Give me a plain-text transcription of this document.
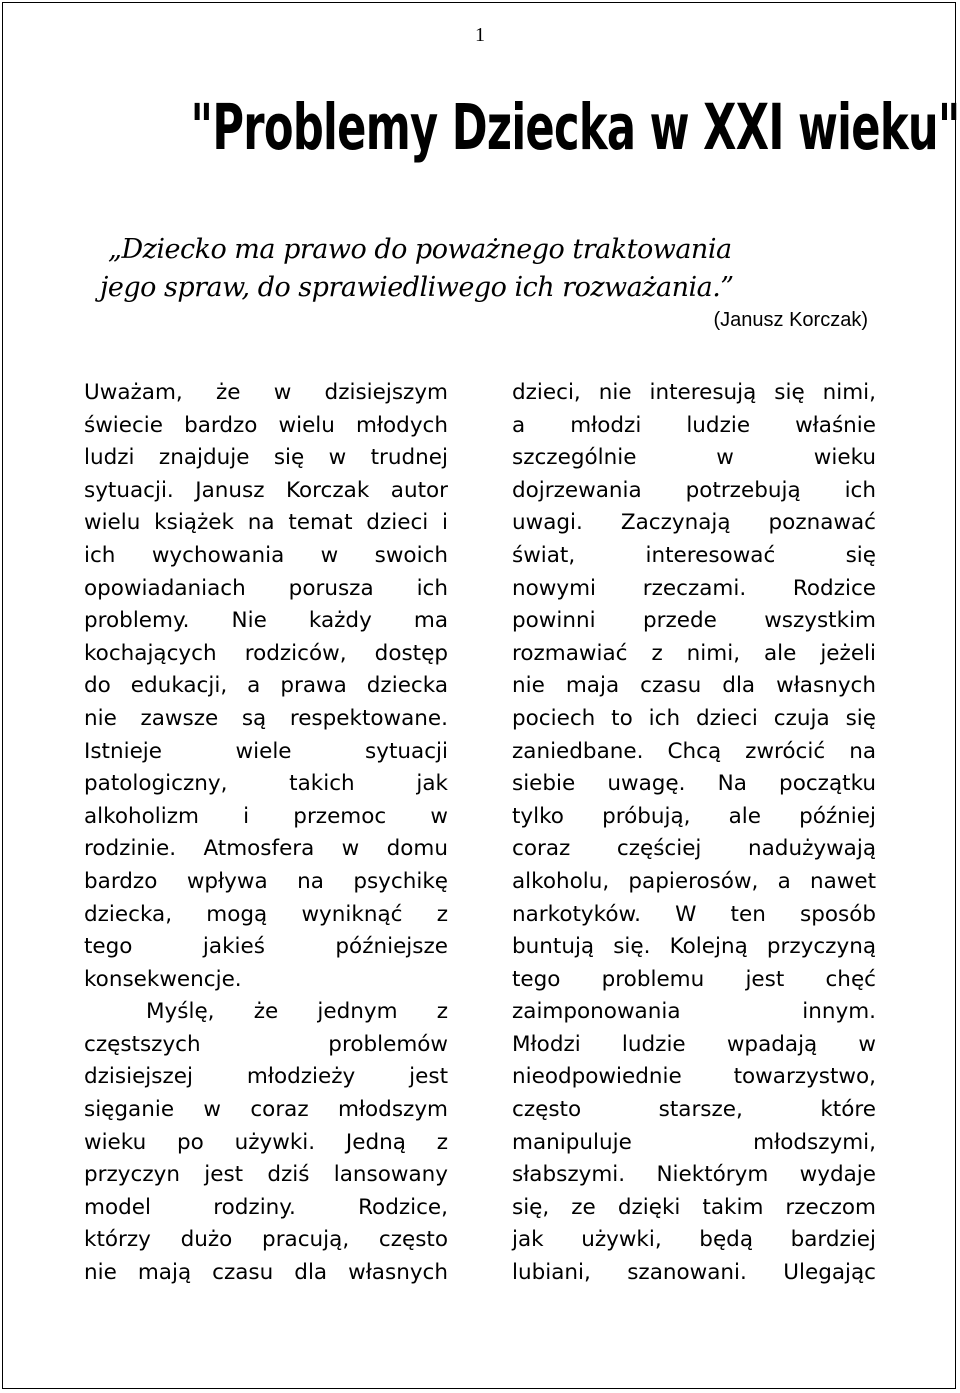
1
"Problemy Dziecka w XXI wieku"
„Dziecko ma prawo do poważnego traktowania
jego spraw, do sprawiedliwego ich rozważania.”
(Janusz Korczak)
Uważam, że w dzisiejszym
świecie bardzo wielu młodych
ludzi znajduje się w trudnej
sytuacji. Janusz Korczak autor
wielu książek na temat dzieci i
ich wychowania w swoich
opowiadaniach porusza ich
problemy. Nie każdy ma
kochających rodziców, dostęp
do edukacji, a prawa dziecka
nie zawsze są respektowane.
Istnieje wiele sytuacji
patologiczny, takich jak
alkoholizm i przemoc w
rodzinie. Atmosfera w domu
bardzo wpływa na psychikę
dziecka, mogą wyniknąć z
tego jakieś późniejsze
konsekwencje.
Myślę, że jednym z
częstszych problemów
dzisiejszej młodzieży jest
sięganie w coraz młodszym
wieku po używki. Jedną z
przyczyn jest dziś lansowany
model rodziny. Rodzice,
którzy dużo pracują, często
nie mają czasu dla własnych
dzieci, nie interesują się nimi,
a młodzi ludzie właśnie
szczególnie w wieku
dojrzewania potrzebują ich
uwagi. Zaczynają poznawać
świat, interesować się
nowymi rzeczami. Rodzice
powinni przede wszystkim
rozmawiać z nimi, ale jeżeli
nie maja czasu dla własnych
pociech to ich dzieci czuja się
zaniedbane. Chcą zwrócić na
siebie uwagę. Na początku
tylko próbują, ale później
coraz częściej nadużywają
alkoholu, papierosów, a nawet
narkotyków. W ten sposób
buntują się. Kolejną przyczyną
tego problemu jest chęć
zaimponowania innym.
Młodzi ludzie wpadają w
nieodpowiednie towarzystwo,
często starsze, które
manipuluje młodszymi,
słabszymi. Niektórym wydaje
się, ze dzięki takim rzeczom
jak używki, będą bardziej
lubiani, szanowani. Ulegając
